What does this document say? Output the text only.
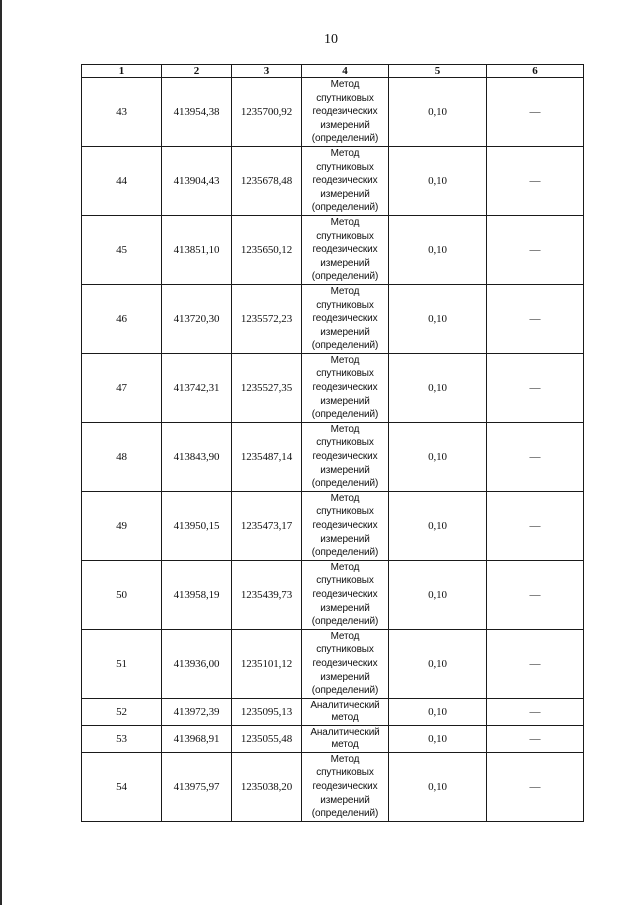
10
1	2	3	4	5	6
43	413954,38	1235700,92	Метод спутниковых геодезических измерений (определений)	0,10	—
44	413904,43	1235678,48	Метод спутниковых геодезических измерений (определений)	0,10	—
45	413851,10	1235650,12	Метод спутниковых геодезических измерений (определений)	0,10	—
46	413720,30	1235572,23	Метод спутниковых геодезических измерений (определений)	0,10	—
47	413742,31	1235527,35	Метод спутниковых геодезических измерений (определений)	0,10	—
48	413843,90	1235487,14	Метод спутниковых геодезических измерений (определений)	0,10	—
49	413950,15	1235473,17	Метод спутниковых геодезических измерений (определений)	0,10	—
50	413958,19	1235439,73	Метод спутниковых геодезических измерений (определений)	0,10	—
51	413936,00	1235101,12	Метод спутниковых геодезических измерений (определений)	0,10	—
52	413972,39	1235095,13	Аналитический метод	0,10	—
53	413968,91	1235055,48	Аналитический метод	0,10	—
54	413975,97	1235038,20	Метод спутниковых геодезических измерений (определений)	0,10	—
